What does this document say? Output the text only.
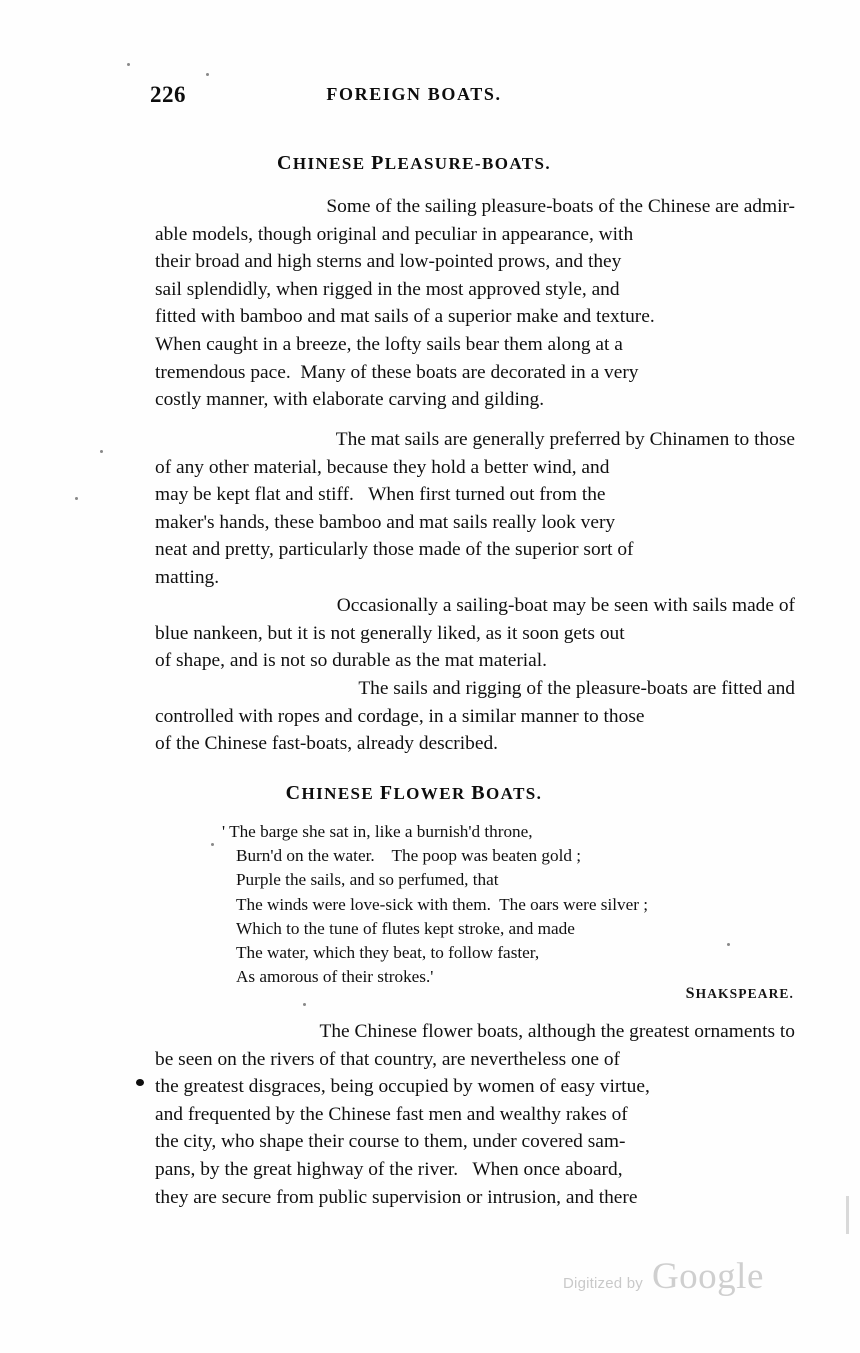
226	FOREIGN BOATS.
CHINESE PLEASURE-BOATS.
Some of the sailing pleasure-boats of the Chinese are admir-
able models, though original and peculiar in appearance, with
their broad and high sterns and low-pointed prows, and they
sail splendidly, when rigged in the most approved style, and
fitted with bamboo and mat sails of a superior make and texture.
When caught in a breeze, the lofty sails bear them along at a
tremendous pace.  Many of these boats are decorated in a very
costly manner, with elaborate carving and gilding.
The mat sails are generally preferred by Chinamen to those
of any other material, because they hold a better wind, and
may be kept flat and stiff.   When first turned out from the
maker's hands, these bamboo and mat sails really look very
neat and pretty, particularly those made of the superior sort of
matting.
Occasionally a sailing-boat may be seen with sails made of
blue nankeen, but it is not generally liked, as it soon gets out
of shape, and is not so durable as the mat material.
The sails and rigging of the pleasure-boats are fitted and
controlled with ropes and cordage, in a similar manner to those
of the Chinese fast-boats, already described.
CHINESE FLOWER BOATS.
' The barge she sat in, like a burnish'd throne,
Burn'd on the water.    The poop was beaten gold ;
Purple the sails, and so perfumed, that
The winds were love-sick with them.  The oars were silver ;
Which to the tune of flutes kept stroke, and made
The water, which they beat, to follow faster,
As amorous of their strokes.'
SHAKSPEARE.
The Chinese flower boats, although the greatest ornaments to
be seen on the rivers of that country, are nevertheless one of
the greatest disgraces, being occupied by women of easy virtue,
and frequented by the Chinese fast men and wealthy rakes of
the city, who shape their course to them, under covered sam-
pans, by the great highway of the river.   When once aboard,
they are secure from public supervision or intrusion, and there
Digitized by Google
